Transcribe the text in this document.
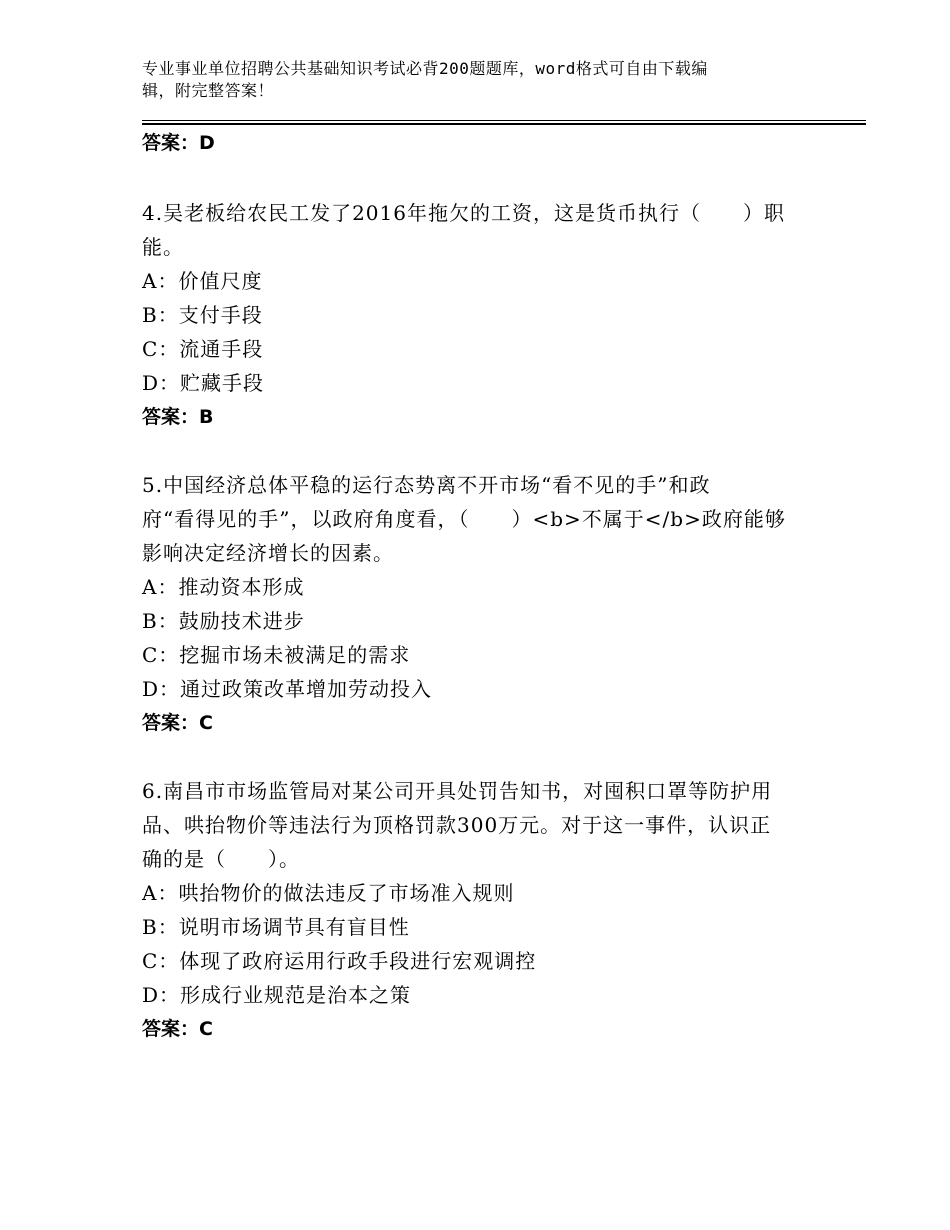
专业事业单位招聘公共基础知识考试必背200题题库，word格式可自由下载编
辑，附完整答案！
答案：D
4.吴老板给农民工发了2016年拖欠的工资，这是货币执行（　　）职
能。
A：价值尺度
B：支付手段
C：流通手段
D：贮藏手段
答案：B
5.中国经济总体平稳的运行态势离不开市场“看不见的手”和政
府“看得见的手”，以政府角度看，（　　）<b>不属于</b>政府能够
影响决定经济增长的因素。
A：推动资本形成
B：鼓励技术进步
C：挖掘市场未被满足的需求
D：通过政策改革增加劳动投入
答案：C
6.南昌市市场监管局对某公司开具处罚告知书，对囤积口罩等防护用
品、哄抬物价等违法行为顶格罚款300万元。对于这一事件，认识正
确的是（　　）。
A：哄抬物价的做法违反了市场准入规则
B：说明市场调节具有盲目性
C：体现了政府运用行政手段进行宏观调控
D：形成行业规范是治本之策
答案：C
